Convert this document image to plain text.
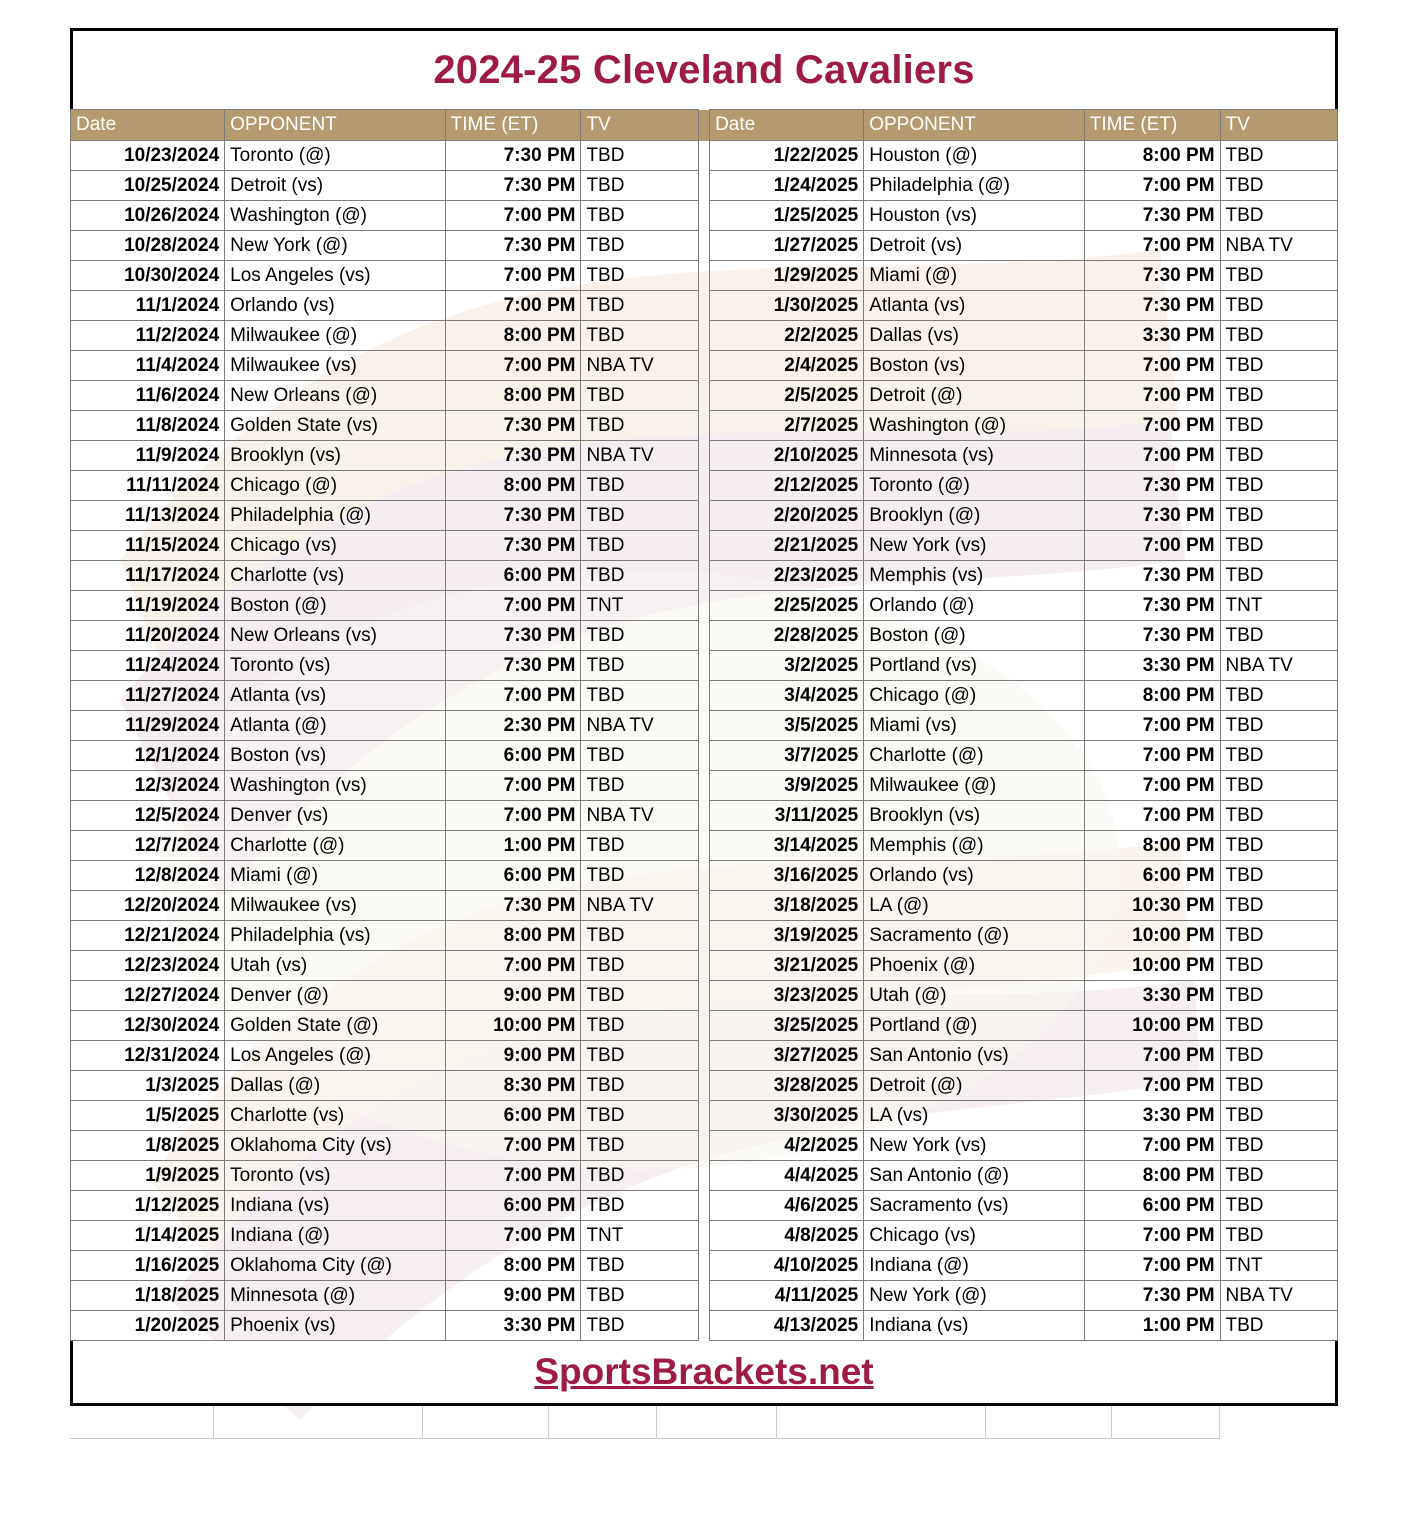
2024-25 Cleveland Cavaliers
Date	OPPONENT	TIME (ET)	TV		Date	OPPONENT	TIME (ET)	TV
10/23/2024	Toronto (@)	7:30 PM	TBD		1/22/2025	Houston (@)	8:00 PM	TBD
10/25/2024	Detroit (vs)	7:30 PM	TBD		1/24/2025	Philadelphia (@)	7:00 PM	TBD
10/26/2024	Washington (@)	7:00 PM	TBD		1/25/2025	Houston (vs)	7:30 PM	TBD
10/28/2024	New York (@)	7:30 PM	TBD		1/27/2025	Detroit (vs)	7:00 PM	NBA TV
10/30/2024	Los Angeles (vs)	7:00 PM	TBD		1/29/2025	Miami (@)	7:30 PM	TBD
11/1/2024	Orlando (vs)	7:00 PM	TBD		1/30/2025	Atlanta (vs)	7:30 PM	TBD
11/2/2024	Milwaukee (@)	8:00 PM	TBD		2/2/2025	Dallas (vs)	3:30 PM	TBD
11/4/2024	Milwaukee (vs)	7:00 PM	NBA TV		2/4/2025	Boston (vs)	7:00 PM	TBD
11/6/2024	New Orleans (@)	8:00 PM	TBD		2/5/2025	Detroit (@)	7:00 PM	TBD
11/8/2024	Golden State (vs)	7:30 PM	TBD		2/7/2025	Washington (@)	7:00 PM	TBD
11/9/2024	Brooklyn (vs)	7:30 PM	NBA TV		2/10/2025	Minnesota (vs)	7:00 PM	TBD
11/11/2024	Chicago (@)	8:00 PM	TBD		2/12/2025	Toronto (@)	7:30 PM	TBD
11/13/2024	Philadelphia (@)	7:30 PM	TBD		2/20/2025	Brooklyn (@)	7:30 PM	TBD
11/15/2024	Chicago (vs)	7:30 PM	TBD		2/21/2025	New York (vs)	7:00 PM	TBD
11/17/2024	Charlotte (vs)	6:00 PM	TBD		2/23/2025	Memphis (vs)	7:30 PM	TBD
11/19/2024	Boston (@)	7:00 PM	TNT		2/25/2025	Orlando (@)	7:30 PM	TNT
11/20/2024	New Orleans (vs)	7:30 PM	TBD		2/28/2025	Boston (@)	7:30 PM	TBD
11/24/2024	Toronto (vs)	7:30 PM	TBD		3/2/2025	Portland (vs)	3:30 PM	NBA TV
11/27/2024	Atlanta (vs)	7:00 PM	TBD		3/4/2025	Chicago (@)	8:00 PM	TBD
11/29/2024	Atlanta (@)	2:30 PM	NBA TV		3/5/2025	Miami (vs)	7:00 PM	TBD
12/1/2024	Boston (vs)	6:00 PM	TBD		3/7/2025	Charlotte (@)	7:00 PM	TBD
12/3/2024	Washington (vs)	7:00 PM	TBD		3/9/2025	Milwaukee (@)	7:00 PM	TBD
12/5/2024	Denver (vs)	7:00 PM	NBA TV		3/11/2025	Brooklyn (vs)	7:00 PM	TBD
12/7/2024	Charlotte (@)	1:00 PM	TBD		3/14/2025	Memphis (@)	8:00 PM	TBD
12/8/2024	Miami (@)	6:00 PM	TBD		3/16/2025	Orlando (vs)	6:00 PM	TBD
12/20/2024	Milwaukee (vs)	7:30 PM	NBA TV		3/18/2025	LA (@)	10:30 PM	TBD
12/21/2024	Philadelphia (vs)	8:00 PM	TBD		3/19/2025	Sacramento (@)	10:00 PM	TBD
12/23/2024	Utah (vs)	7:00 PM	TBD		3/21/2025	Phoenix (@)	10:00 PM	TBD
12/27/2024	Denver (@)	9:00 PM	TBD		3/23/2025	Utah (@)	3:30 PM	TBD
12/30/2024	Golden State (@)	10:00 PM	TBD		3/25/2025	Portland (@)	10:00 PM	TBD
12/31/2024	Los Angeles (@)	9:00 PM	TBD		3/27/2025	San Antonio (vs)	7:00 PM	TBD
1/3/2025	Dallas (@)	8:30 PM	TBD		3/28/2025	Detroit (@)	7:00 PM	TBD
1/5/2025	Charlotte (vs)	6:00 PM	TBD		3/30/2025	LA (vs)	3:30 PM	TBD
1/8/2025	Oklahoma City (vs)	7:00 PM	TBD		4/2/2025	New York (vs)	7:00 PM	TBD
1/9/2025	Toronto (vs)	7:00 PM	TBD		4/4/2025	San Antonio (@)	8:00 PM	TBD
1/12/2025	Indiana (vs)	6:00 PM	TBD		4/6/2025	Sacramento (vs)	6:00 PM	TBD
1/14/2025	Indiana (@)	7:00 PM	TNT		4/8/2025	Chicago (vs)	7:00 PM	TBD
1/16/2025	Oklahoma City (@)	8:00 PM	TBD		4/10/2025	Indiana (@)	7:00 PM	TNT
1/18/2025	Minnesota (@)	9:00 PM	TBD		4/11/2025	New York (@)	7:30 PM	NBA TV
1/20/2025	Phoenix (vs)	3:30 PM	TBD		4/13/2025	Indiana (vs)	1:00 PM	TBD
SportsBrackets.net
